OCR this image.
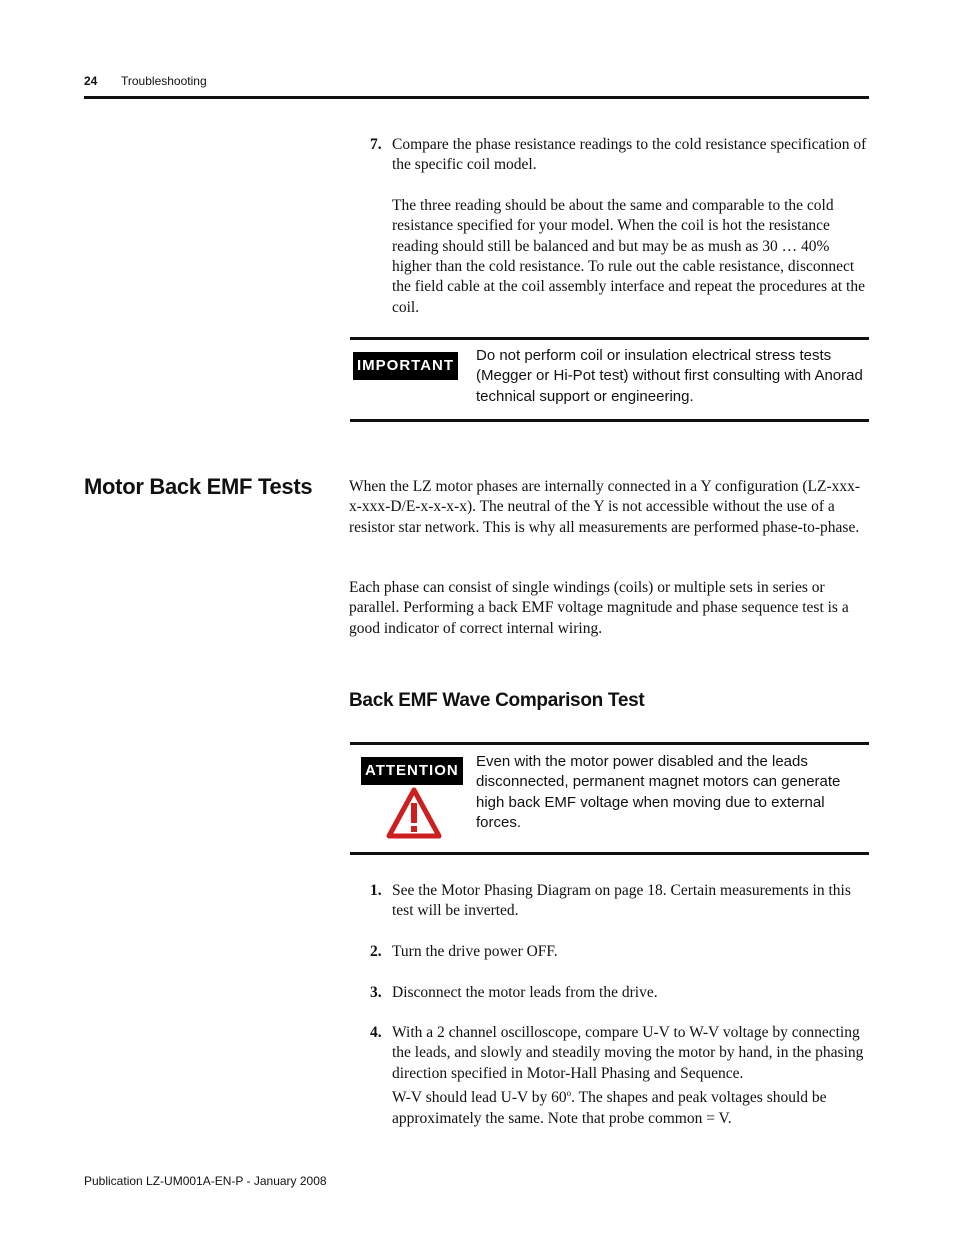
24 Troubleshooting
7. Compare the phase resistance readings to the cold resistance specification of the specific coil model.
The three reading should be about the same and comparable to the cold resistance specified for your model. When the coil is hot the resistance reading should still be balanced and but may be as mush as 30 … 40% higher than the cold resistance. To rule out the cable resistance, disconnect the field cable at the coil assembly interface and repeat the procedures at the coil.
IMPORTANT
Do not perform coil or insulation electrical stress tests (Megger or Hi-Pot test) without first consulting with Anorad technical support or engineering.
Motor Back EMF Tests When the LZ motor phases are internally connected in a Y configuration (LZ-xxx-x-xxx-D/E-x-x-x-x). The neutral of the Y is not accessible without the use of a resistor star network. This is why all measurements are performed phase-to-phase.
Each phase can consist of single windings (coils) or multiple sets in series or parallel. Performing a back EMF voltage magnitude and phase sequence test is a good indicator of correct internal wiring.
Back EMF Wave Comparison Test
ATTENTION
Even with the motor power disabled and the leads disconnected, permanent magnet motors can generate high back EMF voltage when moving due to external forces.
1. See the Motor Phasing Diagram on page 18. Certain measurements in this test will be inverted.
2. Turn the drive power OFF.
3. Disconnect the motor leads from the drive.
4. With a 2 channel oscilloscope, compare U-V to W-V voltage by connecting the leads, and slowly and steadily moving the motor by hand, in the phasing direction specified in Motor-Hall Phasing and Sequence.
W-V should lead U-V by 60$^o$. The shapes and peak voltages should be approximately the same. Note that probe common = V.
Publication LZ-UM001A-EN-P - January 2008
